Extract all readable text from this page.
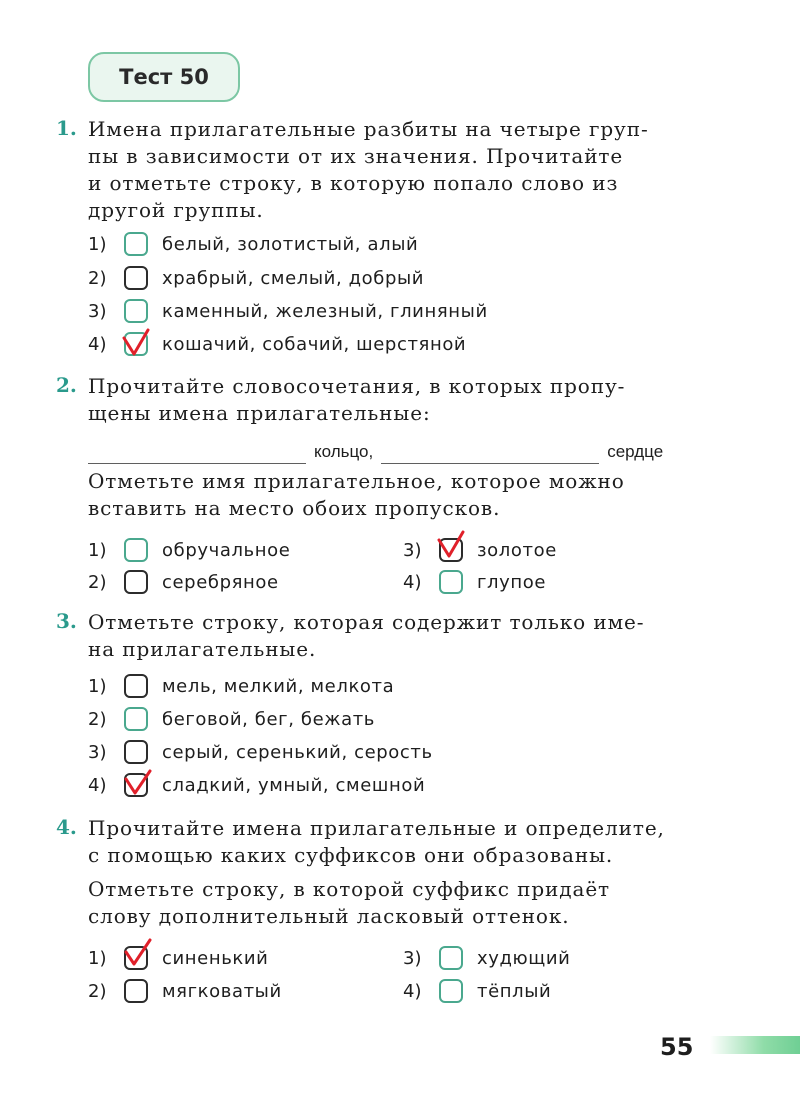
Тест 50
1. Имена прилагательные разбиты на четыре груп-
пы в зависимости от их значения. Прочитайте
и отметьте строку, в которую попало слово из
другой группы.
1)	белый, золотистый, алый
2)	храбрый, смелый, добрый
3)	каменный, железный, глиняный
4)	кошачий, собачий, шерстяной
2. Прочитайте словосочетания, в которых пропу-
щены имена прилагательные:
кольцо,	сердце
Отметьте имя прилагательное, которое можно
вставить на место обоих пропусков.
1)	обручальное
2)	серебряное
3)	золотое
4)	глупое
3. Отметьте строку, которая содержит только име-
на прилагательные.
1)	мель, мелкий, мелкота
2)	беговой, бег, бежать
3)	серый, серенький, серость
4)	сладкий, умный, смешной
4. Прочитайте имена прилагательные и определите,
с помощью каких суффиксов они образованы.
Отметьте строку, в которой суффикс придаёт
слову дополнительный ласковый оттенок.
1)	синенький
2)	мягковатый
3)	худющий
4)	тёплый
55
